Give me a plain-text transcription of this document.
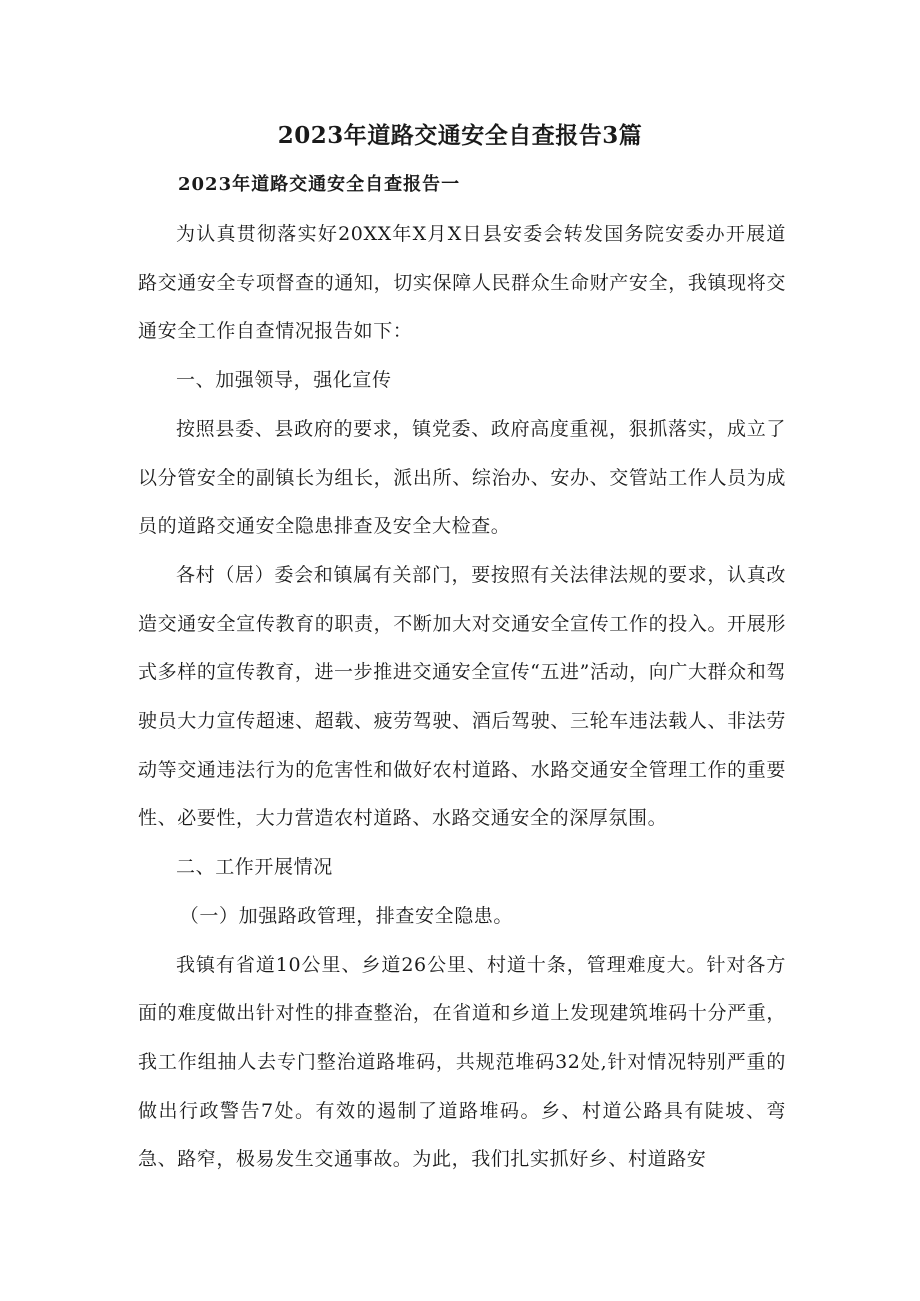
2023年道路交通安全自查报告3篇
2023年道路交通安全自查报告一

为认真贯彻落实好20XX年X月X日县安委会转发国务院安委办开展道路交通安全专项督查的通知，切实保障人民群众生命财产安全，我镇现将交通安全工作自查情况报告如下：

一、加强领导，强化宣传

按照县委、县政府的要求，镇党委、政府高度重视，狠抓落实，成立了以分管安全的副镇长为组长，派出所、综治办、安办、交管站工作人员为成员的道路交通安全隐患排查及安全大检查。

各村（居）委会和镇属有关部门，要按照有关法律法规的要求，认真改造交通安全宣传教育的职责，不断加大对交通安全宣传工作的投入。开展形式多样的宣传教育，进一步推进交通安全宣传“五进”活动，向广大群众和驾驶员大力宣传超速、超载、疲劳驾驶、酒后驾驶、三轮车违法载人、非法劳动等交通违法行为的危害性和做好农村道路、水路交通安全管理工作的重要性、必要性，大力营造农村道路、水路交通安全的深厚氛围。

二、工作开展情况

（一）加强路政管理，排查安全隐患。

我镇有省道10公里、乡道26公里、村道十条，管理难度大。针对各方面的难度做出针对性的排查整治，在省道和乡道上发现建筑堆码十分严重，我工作组抽人去专门整治道路堆码，共规范堆码32处,针对情况特别严重的做出行政警告7处。有效的遏制了道路堆码。乡、村道公路具有陡坡、弯急、路窄，极易发生交通事故。为此，我们扎实抓好乡、村道路安
